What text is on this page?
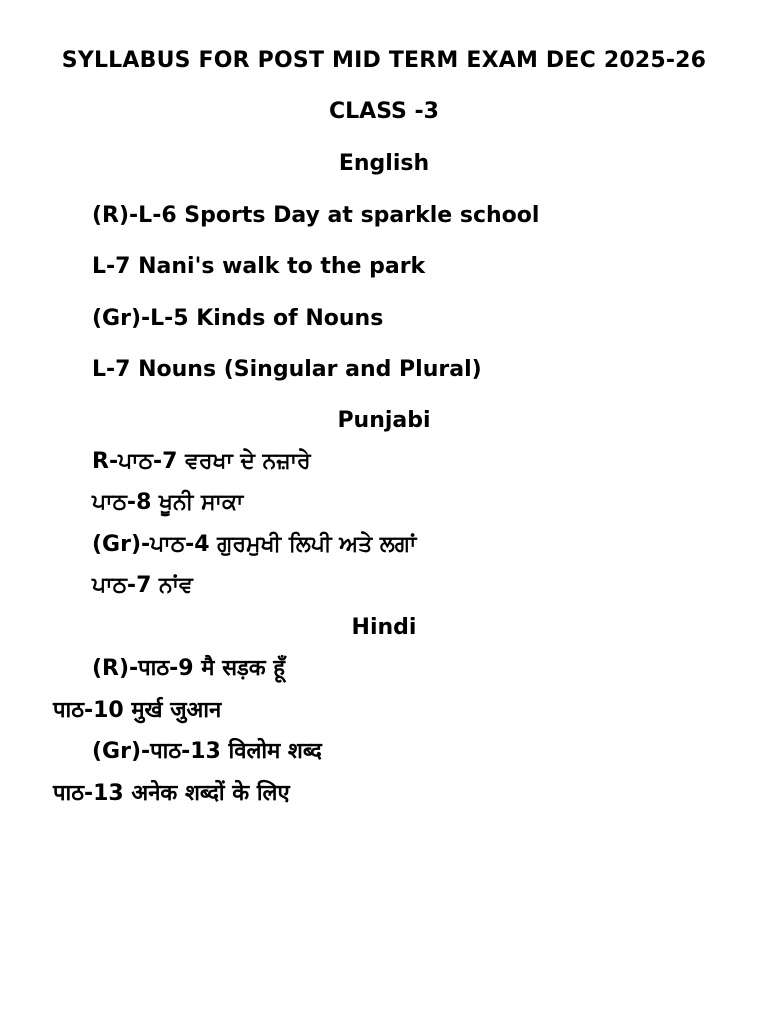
SYLLABUS FOR POST MID TERM EXAM DEC 2025-26
CLASS -3
English
(R)-L-6 Sports Day at sparkle school
L-7 Nani's walk to the park
(Gr)-L-5 Kinds of Nouns
L-7 Nouns (Singular and Plural)
Punjabi
R-ਪਾਠ-7 ਵਰਖਾ ਦੇ ਨਜ਼ਾਰੇ
ਪਾਠ-8 ਖੂਨੀ ਸਾਕਾ
(Gr)-ਪਾਠ-4 ਗੁਰਮੁਖੀ ਲਿਪੀ ਅਤੇ ਲਗਾਂ
ਪਾਠ-7 ਨਾਂਵ
Hindi
(R)-पाठ-9 मै सड़क हूँ
पाठ-10 मुर्ख जुआन
(Gr)-पाठ-13 विलोम शब्द
पाठ-13 अनेक शब्दों के लिए
